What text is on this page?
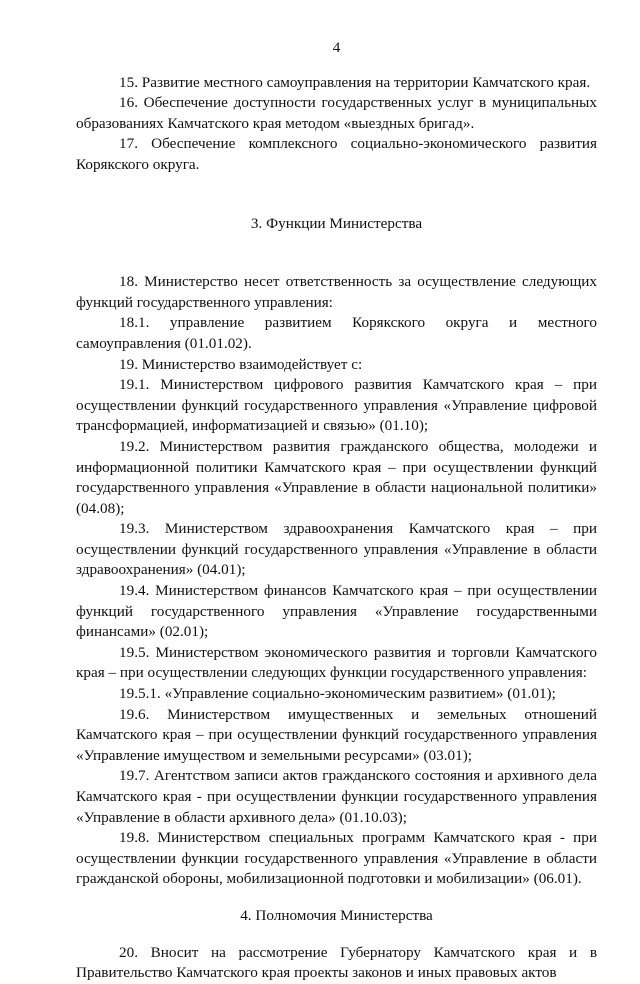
4

15. Развитие местного самоуправления на территории Камчатского края.

16. Обеспечение доступности государственных услуг в муниципальных образованиях Камчатского края методом «выездных бригад».

17. Обеспечение комплексного социально-экономического развития Корякского округа.

3. Функции Министерства

18. Министерство несет ответственность за осуществление следующих функций государственного управления:

18.1. управление развитием Корякского округа и местного самоуправления (01.01.02).

19. Министерство взаимодействует с:

19.1. Министерством цифрового развития Камчатского края – при осуществлении функций государственного управления «Управление цифровой трансформацией, информатизацией и связью» (01.10);

19.2. Министерством развития гражданского общества, молодежи и информационной политики Камчатского края – при осуществлении функций государственного управления «Управление в области национальной политики» (04.08);

19.3. Министерством здравоохранения Камчатского края – при осуществлении функций государственного управления «Управление в области здравоохранения» (04.01);

19.4. Министерством финансов Камчатского края – при осуществлении функций государственного управления «Управление государственными финансами» (02.01);

19.5. Министерством экономического развития и торговли Камчатского края – при осуществлении следующих функции государственного управления:

19.5.1. «Управление социально-экономическим развитием» (01.01);

19.6. Министерством имущественных и земельных отношений Камчатского края – при осуществлении функций государственного управления «Управление имуществом и земельными ресурсами» (03.01);

19.7. Агентством записи актов гражданского состояния и архивного дела Камчатского края - при осуществлении функции государственного управления «Управление в области архивного дела» (01.10.03);

19.8. Министерством специальных программ Камчатского края - при осуществлении функции государственного управления «Управление в области гражданской обороны, мобилизационной подготовки и мобилизации» (06.01).

4. Полномочия Министерства

20. Вносит на рассмотрение Губернатору Камчатского края и в Правительство Камчатского края проекты законов и иных правовых актов
